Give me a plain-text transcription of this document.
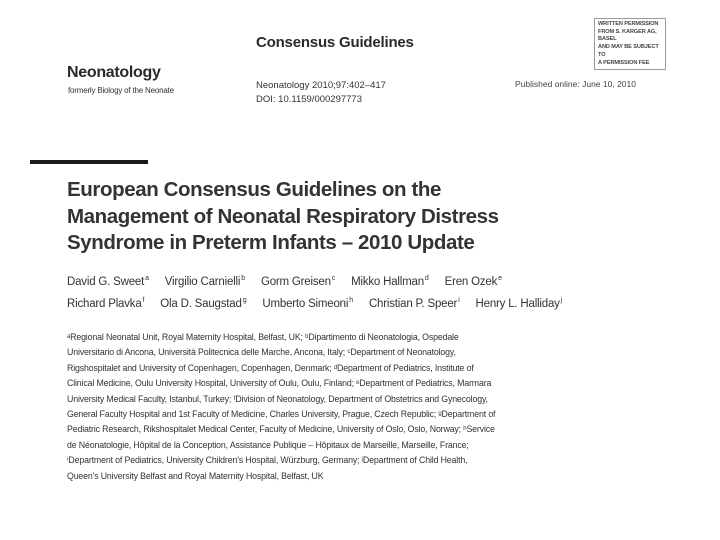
Consensus Guidelines
Neonatology
formerly Biology of the Neonate	Neonatology 2010;97:402–417
DOI: 10.1159/000297773
Published online: June 10, 2010
WRITTEN PERMISSION
FROM S. KARGER AG, BASEL
AND MAY BE SUBJECT TO
A PERMISSION FEE
European Consensus Guidelines on the
Management of Neonatal Respiratory Distress
Syndrome in Preterm Infants – 2010 Update
David G. Sweet$^a$ Virgilio Carnielli$^b$ Gorm Greisen$^c$ Mikko Hallman$^d$ Eren Ozek$^e$
Richard Plavka$^f$ Ola D. Saugstad$^g$ Umberto Simeoni$^h$ Christian P. Speer$^i$ Henry L. Halliday$^j$
ᵃRegional Neonatal Unit, Royal Maternity Hospital, Belfast, UK; ᵇDipartimento di Neonatologia, Ospedale
Universitario di Ancona, Università Politecnica delle Marche, Ancona, Italy; ᶜDepartment of Neonatology,
Rigshospitalet and University of Copenhagen, Copenhagen, Denmark; ᵈDepartment of Pediatrics, Institute of
Clinical Medicine, Oulu University Hospital, University of Oulu, Oulu, Finland; ᵉDepartment of Pediatrics, Marmara
University Medical Faculty, Istanbul, Turkey; ᶠDivision of Neonatology, Department of Obstetrics and Gynecology,
General Faculty Hospital and 1st Faculty of Medicine, Charles University, Prague, Czech Republic; ᵍDepartment of
Pediatric Research, Rikshospitalet Medical Center, Faculty of Medicine, University of Oslo, Oslo, Norway; ʰService
de Néonatologie, Hôpital de la Conception, Assistance Publique – Hôpitaux de Marseille, Marseille, France;
ⁱDepartment of Pediatrics, University Children's Hospital, Würzburg, Germany; ʲDepartment of Child Health,
Queen's University Belfast and Royal Maternity Hospital, Belfast, UK
